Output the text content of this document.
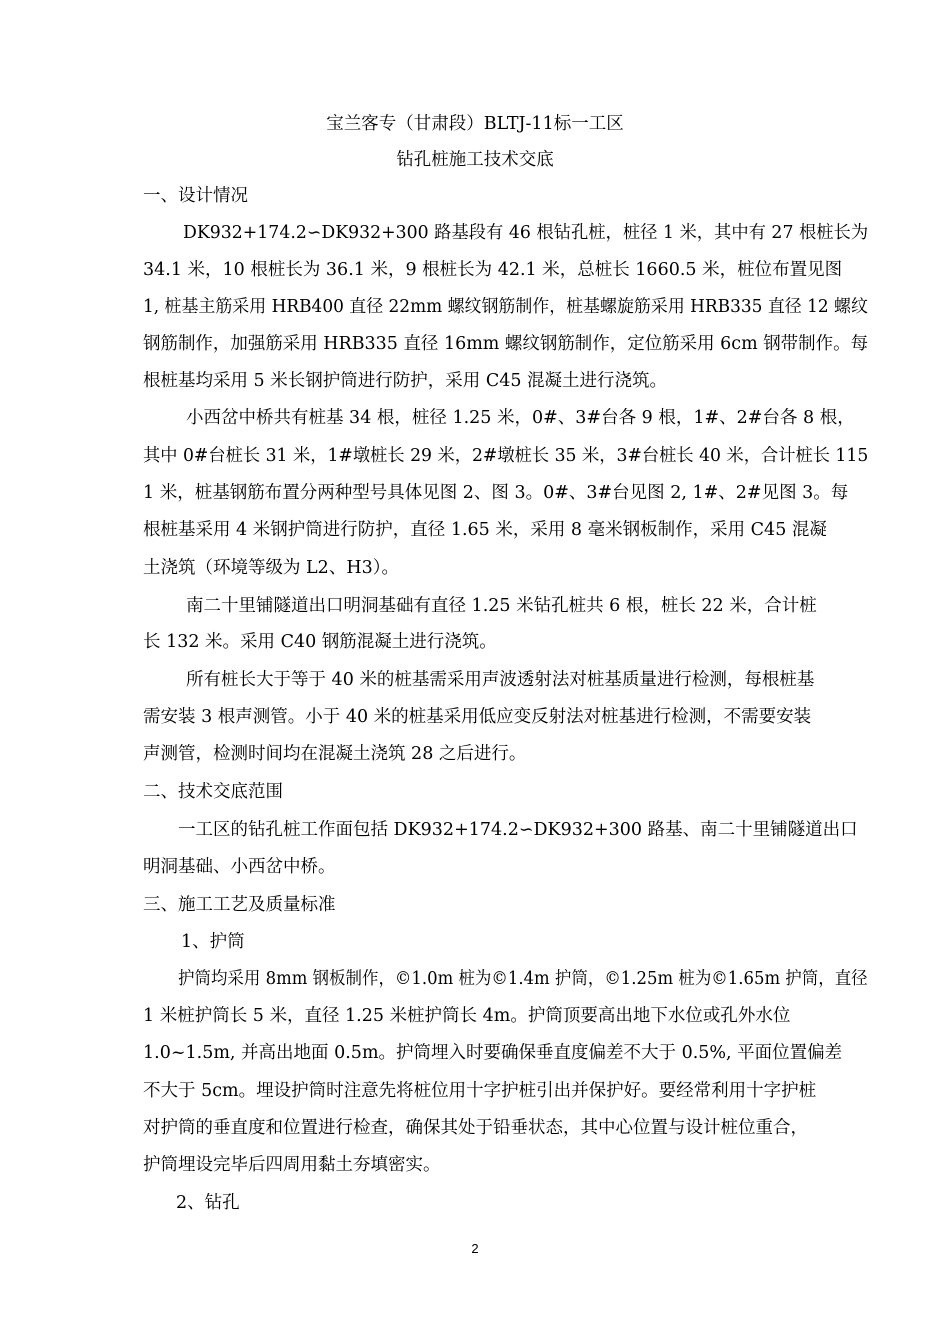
宝兰客专（甘肃段）BLTJ-11标一工区
钻孔桩施工技术交底
一、设计情况
DK932+174.2∽DK932+300 路基段有 46 根钻孔桩，桩径 1 米，其中有 27 根桩长为
34.1 米，10 根桩长为 36.1 米，9 根桩长为 42.1 米，总桩长 1660.5 米，桩位布置见图
1, 桩基主筋采用 HRB400 直径 22mm 螺纹钢筋制作，桩基螺旋筋采用 HRB335 直径 12 螺纹
钢筋制作，加强筋采用 HRB335 直径 16mm 螺纹钢筋制作，定位筋采用 6cm 钢带制作。每
根桩基均采用 5 米长钢护筒进行防护，采用 C45 混凝土进行浇筑。
小西岔中桥共有桩基 34 根，桩径 1.25 米，0#、3#台各 9 根，1#、2#台各 8 根，
其中 0#台桩长 31 米，1#墩桩长 29 米，2#墩桩长 35 米，3#台桩长 40 米，合计桩长 115
1 米，桩基钢筋布置分两种型号具体见图 2、图 3。0#、3#台见图 2, 1#、2#见图 3。每
根桩基采用 4 米钢护筒进行防护，直径 1.65 米，采用 8 毫米钢板制作，采用 C45 混凝
土浇筑（环境等级为 L2、H3）。
南二十里铺隧道出口明洞基础有直径 1.25 米钻孔桩共 6 根，桩长 22 米，合计桩
长 132 米。采用 C40 钢筋混凝土进行浇筑。
所有桩长大于等于 40 米的桩基需采用声波透射法对桩基质量进行检测，每根桩基
需安装 3 根声测管。小于 40 米的桩基采用低应变反射法对桩基进行检测，不需要安装
声测管，检测时间均在混凝土浇筑 28 之后进行。
二、技术交底范围
一工区的钻孔桩工作面包括 DK932+174.2∽DK932+300 路基、南二十里铺隧道出口
明洞基础、小西岔中桥。
三、施工工艺及质量标准
1、护筒
护筒均采用 8mm 钢板制作，©1.0m 桩为©1.4m 护筒，©1.25m 桩为©1.65m 护筒，直径
1 米桩护筒长 5 米，直径 1.25 米桩护筒长 4m。护筒顶要高出地下水位或孔外水位
1.0~1.5m, 并高出地面 0.5m。护筒埋入时要确保垂直度偏差不大于 0.5%, 平面位置偏差
不大于 5cm。埋设护筒时注意先将桩位用十字护桩引出并保护好。要经常利用十字护桩
对护筒的垂直度和位置进行检查，确保其处于铅垂状态，其中心位置与设计桩位重合，
护筒埋设完毕后四周用黏土夯填密实。
2、钻孔
2
